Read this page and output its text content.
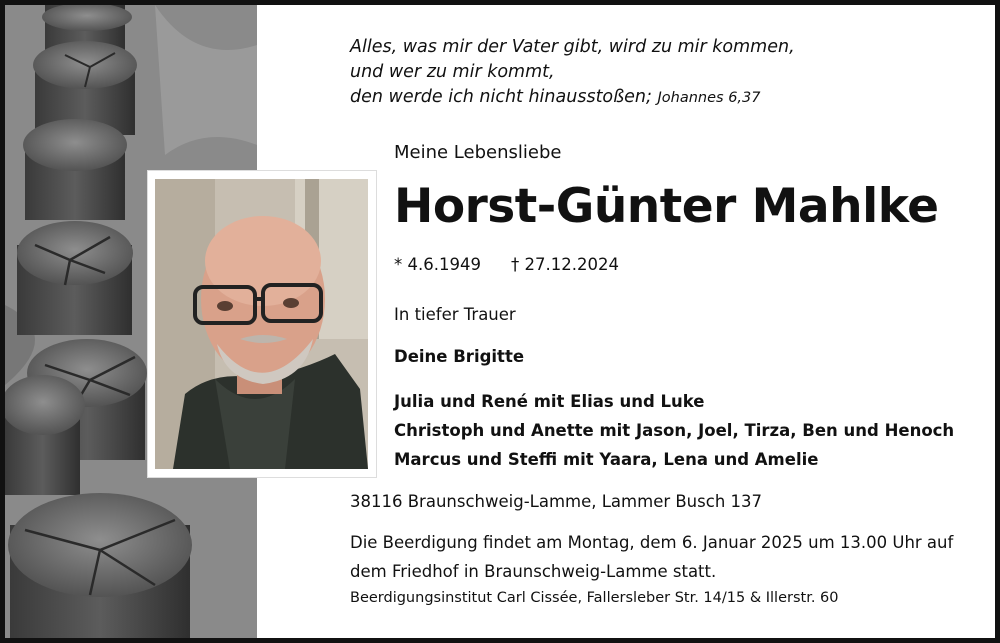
Alles, was mir der Vater gibt, wird zu mir kommen,
und wer zu mir kommt,
den werde ich nicht hinausstoßen; Johannes 6,37
Meine Lebensliebe
Horst-Günter Mahlke
* 4.6.1949 † 27.12.2024
In tiefer Trauer
Deine Brigitte
Julia und René mit Elias und Luke
Christoph und Anette mit Jason, Joel, Tirza, Ben und Henoch
Marcus und Steffi mit Yaara, Lena und Amelie
38116 Braunschweig-Lamme, Lammer Busch 137
Die Beerdigung findet am Montag, dem 6. Januar 2025 um 13.00 Uhr auf dem Friedhof in Braunschweig-Lamme statt.
Beerdigungsinstitut Carl Cissée, Fallersleber Str. 14/15 & Illerstr. 60
